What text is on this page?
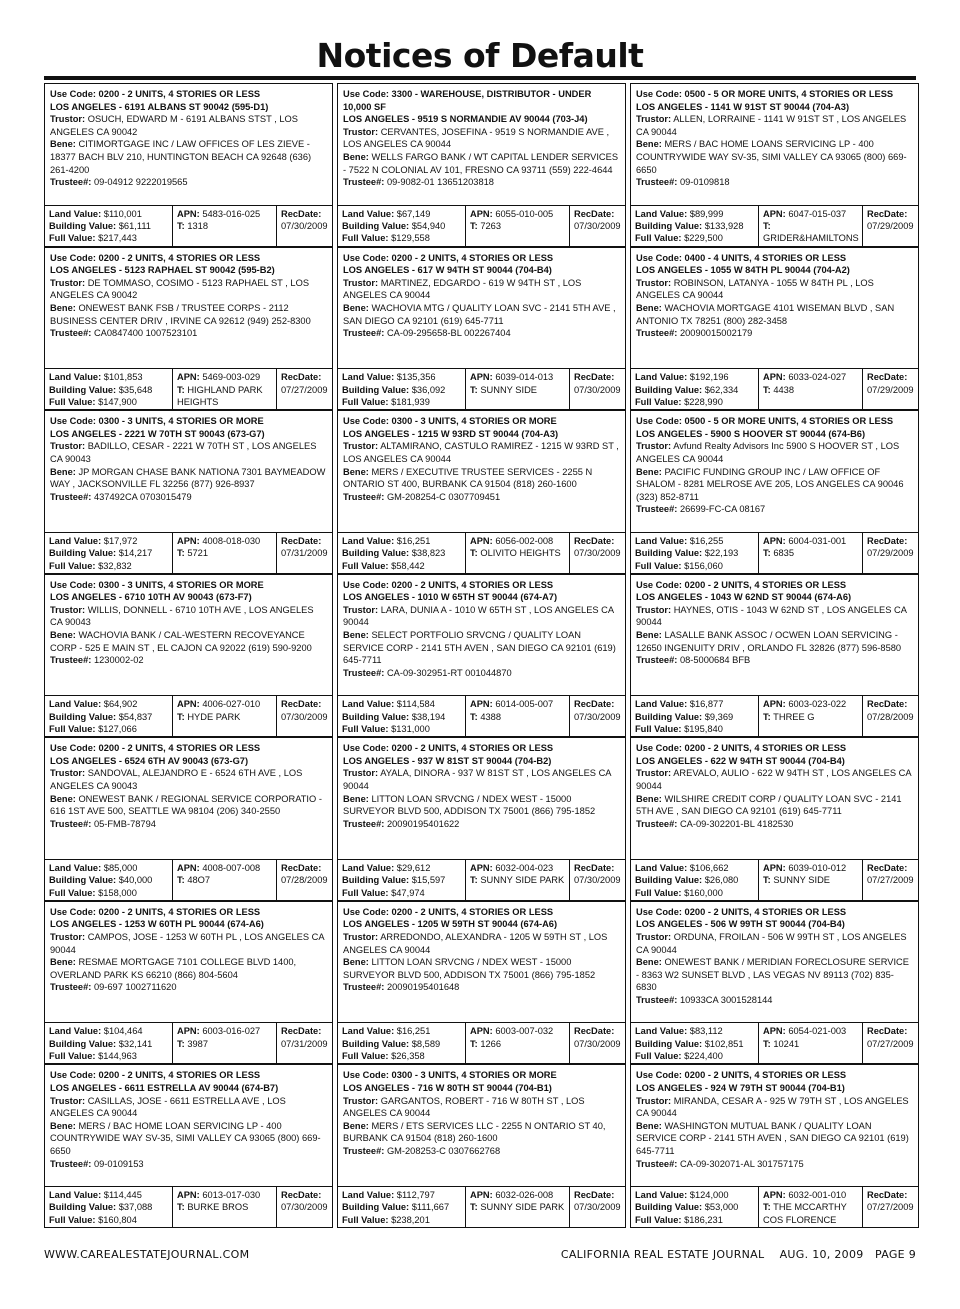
Notices of Default
Use Code: 0200 - 2 UNITS, 4 STORIES OR LESS
LOS ANGELES - 6191 ALBANS ST 90042 (595-D1)
Trustor: OSUCH, EDWARD M - 6191 ALBANS STST , LOS ANGELES CA 90042
Bene: CITIMORTGAGE INC / LAW OFFICES OF LES ZIEVE - 18377 BACH BLV 210, HUNTINGTON BEACH CA 92648 (636) 261-4200
Trustee#: 09-04912 9222019565
Land Value: $110,001
Building Value: $61,111
Full Value: $217,443
APN: 5483-016-025
T: 1318
RecDate:
07/30/2009
Use Code: 3300 - WAREHOUSE, DISTRIBUTOR - UNDER 10,000 SF
LOS ANGELES - 9519 S NORMANDIE AV 90044 (703-J4)
Trustor: CERVANTES, JOSEFINA - 9519 S NORMANDIE AVE , LOS ANGELES CA 90044
Bene: WELLS FARGO BANK / WT CAPITAL LENDER SERVICES - 7522 N COLONIAL AV 101, FRESNO CA 93711 (559) 222-4644
Trustee#: 09-9082-01 13651203818
Land Value: $67,149
Building Value: $54,940
Full Value: $129,558
APN: 6055-010-005
T: 7263
RecDate:
07/30/2009
Use Code: 0500 - 5 OR MORE UNITS, 4 STORIES OR LESS
LOS ANGELES - 1141 W 91ST ST 90044 (704-A3)
Trustor: ALLEN, LORRAINE - 1141 W 91ST ST , LOS ANGELES CA 90044
Bene: MERS / BAC HOME LOANS SERVICING LP - 400 COUNTRYWIDE WAY SV-35, SIMI VALLEY CA 93065 (800) 669-6650
Trustee#: 09-0109818
Land Value: $89,999
Building Value: $133,928
Full Value: $229,500
APN: 6047-015-037
T: GRIDER&HAMILTONS
RecDate:
07/29/2009
Use Code: 0200 - 2 UNITS, 4 STORIES OR LESS
LOS ANGELES - 5123 RAPHAEL ST 90042 (595-B2)
Trustor: DE TOMMASO, COSIMO - 5123 RAPHAEL ST , LOS ANGELES CA 90042
Bene: ONEWEST BANK FSB / TRUSTEE CORPS - 2112 BUSINESS CENTER DRIV , IRVINE CA 92612 (949) 252-8300
Trustee#: CA0847400 1007523101
Land Value: $101,853
Building Value: $35,648
Full Value: $147,900
APN: 5469-003-029
T: HIGHLAND PARK HEIGHTS
RecDate:
07/27/2009
Use Code: 0200 - 2 UNITS, 4 STORIES OR LESS
LOS ANGELES - 617 W 94TH ST 90044 (704-B4)
Trustor: MARTINEZ, EDGARDO - 619 W 94TH ST , LOS ANGELES CA 90044
Bene: WACHOVIA MTG / QUALITY LOAN SVC - 2141 5TH AVE , SAN DIEGO CA 92101 (619) 645-7711
Trustee#: CA-09-295658-BL 002267404
Land Value: $135,356
Building Value: $36,092
Full Value: $181,939
APN: 6039-014-013
T: SUNNY SIDE
RecDate:
07/30/2009
Use Code: 0400 - 4 UNITS, 4 STORIES OR LESS
LOS ANGELES - 1055 W 84TH PL 90044 (704-A2)
Trustor: ROBINSON, LATANYA - 1055 W 84TH PL , LOS ANGELES CA 90044
Bene: WACHOVIA MORTGAGE 4101 WISEMAN BLVD , SAN ANTONIO TX 78251 (800) 282-3458
Trustee#: 20090015002179
Land Value: $192,196
Building Value: $62,334
Full Value: $228,990
APN: 6033-024-027
T: 4438
RecDate:
07/29/2009
Use Code: 0300 - 3 UNITS, 4 STORIES OR MORE
LOS ANGELES - 2221 W 70TH ST 90043 (673-G7)
Trustor: BADILLO, CESAR - 2221 W 70TH ST , LOS ANGELES CA 90043
Bene: JP MORGAN CHASE BANK NATIONA 7301 BAYMEADOW WAY , JACKSONVILLE FL 32256 (877) 926-8937
Trustee#: 437492CA 0703015479
Land Value: $17,972
Building Value: $14,217
Full Value: $32,832
APN: 4008-018-030
T: 5721
RecDate:
07/31/2009
Use Code: 0300 - 3 UNITS, 4 STORIES OR MORE
LOS ANGELES - 1215 W 93RD ST 90044 (704-A3)
Trustor: ALTAMIRANO, CASTULO RAMIREZ - 1215 W 93RD ST , LOS ANGELES CA 90044
Bene: MERS / EXECUTIVE TRUSTEE SERVICES - 2255 N ONTARIO ST 400, BURBANK CA 91504 (818) 260-1600
Trustee#: GM-208254-C 0307709451
Land Value: $16,251
Building Value: $38,823
Full Value: $58,442
APN: 6056-002-008
T: OLIVITO HEIGHTS
RecDate:
07/30/2009
Use Code: 0500 - 5 OR MORE UNITS, 4 STORIES OR LESS
LOS ANGELES - 5900 S HOOVER ST 90044 (674-B6)
Trustor: Avfund Realty Advisors Inc 5900 S HOOVER ST , LOS ANGELES CA 90044
Bene: PACIFIC FUNDING GROUP INC / LAW OFFICE OF SHALOM - 8281 MELROSE AVE 205, LOS ANGELES CA 90046 (323) 852-8711
Trustee#: 26699-FC-CA 08167
Land Value: $16,255
Building Value: $22,193
Full Value: $156,060
APN: 6004-031-001
T: 6835
RecDate:
07/29/2009
Use Code: 0300 - 3 UNITS, 4 STORIES OR MORE
LOS ANGELES - 6710 10TH AV 90043 (673-F7)
Trustor: WILLIS, DONNELL - 6710 10TH AVE , LOS ANGELES CA 90043
Bene: WACHOVIA BANK / CAL-WESTERN RECOVEYANCE CORP - 525 E MAIN ST , EL CAJON CA 92022 (619) 590-9200
Trustee#: 1230002-02
Land Value: $64,902
Building Value: $54,837
Full Value: $127,066
APN: 4006-027-010
T: HYDE PARK
RecDate:
07/30/2009
Use Code: 0200 - 2 UNITS, 4 STORIES OR LESS
LOS ANGELES - 1010 W 65TH ST 90044 (674-A7)
Trustor: LARA, DUNIA A - 1010 W 65TH ST , LOS ANGELES CA 90044
Bene: SELECT PORTFOLIO SRVCNG / QUALITY LOAN SERVICE CORP - 2141 5TH AVEN , SAN DIEGO CA 92101 (619) 645-7711
Trustee#: CA-09-302951-RT 001044870
Land Value: $114,584
Building Value: $38,194
Full Value: $131,000
APN: 6014-005-007
T: 4388
RecDate:
07/30/2009
Use Code: 0200 - 2 UNITS, 4 STORIES OR LESS
LOS ANGELES - 1043 W 62ND ST 90044 (674-A6)
Trustor: HAYNES, OTIS - 1043 W 62ND ST , LOS ANGELES CA 90044
Bene: LASALLE BANK ASSOC / OCWEN LOAN SERVICING - 12650 INGENUITY DRIV , ORLANDO FL 32826 (877) 596-8580
Trustee#: 08-5000684 BFB
Land Value: $16,877
Building Value: $9,369
Full Value: $195,840
APN: 6003-023-022
T: THREE G
RecDate:
07/28/2009
Use Code: 0200 - 2 UNITS, 4 STORIES OR LESS
LOS ANGELES - 6524 6TH AV 90043 (673-G7)
Trustor: SANDOVAL, ALEJANDRO E - 6524 6TH AVE , LOS ANGELES CA 90043
Bene: ONEWEST BANK / REGIONAL SERVICE CORPORATIO - 616 1ST AVE 500, SEATTLE WA 98104 (206) 340-2550
Trustee#: 05-FMB-78794
Land Value: $85,000
Building Value: $40,000
Full Value: $158,000
APN: 4008-007-008
T: 48O7
RecDate:
07/28/2009
Use Code: 0200 - 2 UNITS, 4 STORIES OR LESS
LOS ANGELES - 937 W 81ST ST 90044 (704-B2)
Trustor: AYALA, DINORA - 937 W 81ST ST , LOS ANGELES CA 90044
Bene: LITTON LOAN SRVCNG / NDEX WEST - 15000 SURVEYOR BLVD 500, ADDISON TX 75001 (866) 795-1852
Trustee#: 20090195401622
Land Value: $29,612
Building Value: $15,597
Full Value: $47,974
APN: 6032-004-023
T: SUNNY SIDE PARK
RecDate:
07/30/2009
Use Code: 0200 - 2 UNITS, 4 STORIES OR LESS
LOS ANGELES - 622 W 94TH ST 90044 (704-B4)
Trustor: AREVALO, AULIO - 622 W 94TH ST , LOS ANGELES CA 90044
Bene: WILSHIRE CREDIT CORP / QUALITY LOAN SVC - 2141 5TH AVE , SAN DIEGO CA 92101 (619) 645-7711
Trustee#: CA-09-302201-BL 4182530
Land Value: $106,662
Building Value: $26,080
Full Value: $160,000
APN: 6039-010-012
T: SUNNY SIDE
RecDate:
07/27/2009
Use Code: 0200 - 2 UNITS, 4 STORIES OR LESS
LOS ANGELES - 1253 W 60TH PL 90044 (674-A6)
Trustor: CAMPOS, JOSE - 1253 W 60TH PL , LOS ANGELES CA 90044
Bene: RESMAE MORTGAGE 7101 COLLEGE BLVD 1400, OVERLAND PARK KS 66210 (866) 804-5604
Trustee#: 09-697 1002711620
Land Value: $104,464
Building Value: $32,141
Full Value: $144,963
APN: 6003-016-027
T: 3987
RecDate:
07/31/2009
Use Code: 0200 - 2 UNITS, 4 STORIES OR LESS
LOS ANGELES - 1205 W 59TH ST 90044 (674-A6)
Trustor: ARREDONDO, ALEXANDRA - 1205 W 59TH ST , LOS ANGELES CA 90044
Bene: LITTON LOAN SRVCNG / NDEX WEST - 15000 SURVEYOR BLVD 500, ADDISON TX 75001 (866) 795-1852
Trustee#: 20090195401648
Land Value: $16,251
Building Value: $8,589
Full Value: $26,358
APN: 6003-007-032
T: 1266
RecDate:
07/30/2009
Use Code: 0200 - 2 UNITS, 4 STORIES OR LESS
LOS ANGELES - 506 W 99TH ST 90044 (704-B4)
Trustor: ORDUNA, FROILAN - 506 W 99TH ST , LOS ANGELES CA 90044
Bene: ONEWEST BANK / MERIDIAN FORECLOSURE SERVICE - 8363 W2 SUNSET BLVD , LAS VEGAS NV 89113 (702) 835-6830
Trustee#: 10933CA 3001528144
Land Value: $83,112
Building Value: $102,851
Full Value: $224,400
APN: 6054-021-003
T: 10241
RecDate:
07/27/2009
Use Code: 0200 - 2 UNITS, 4 STORIES OR LESS
LOS ANGELES - 6611 ESTRELLA AV 90044 (674-B7)
Trustor: CASILLAS, JOSE - 6611 ESTRELLA AVE , LOS ANGELES CA 90044
Bene: MERS / BAC HOME LOAN SERVICING LP - 400 COUNTRYWIDE WAY SV-35, SIMI VALLEY CA 93065 (800) 669-6650
Trustee#: 09-0109153
Land Value: $114,445
Building Value: $37,088
Full Value: $160,804
APN: 6013-017-030
T: BURKE BROS
RecDate:
07/30/2009
Use Code: 0300 - 3 UNITS, 4 STORIES OR MORE
LOS ANGELES - 716 W 80TH ST 90044 (704-B1)
Trustor: GARGANTOS, ROBERT - 716 W 80TH ST , LOS ANGELES CA 90044
Bene: MERS / ETS SERVICES LLC - 2255 N ONTARIO ST 40, BURBANK CA 91504 (818) 260-1600
Trustee#: GM-208253-C 0307662768
Land Value: $112,797
Building Value: $111,667
Full Value: $238,201
APN: 6032-026-008
T: SUNNY SIDE PARK
RecDate:
07/30/2009
Use Code: 0200 - 2 UNITS, 4 STORIES OR LESS
LOS ANGELES - 924 W 79TH ST 90044 (704-B1)
Trustor: MIRANDA, CESAR A - 925 W 79TH ST , LOS ANGELES CA 90044
Bene: WASHINGTON MUTUAL BANK / QUALITY LOAN SERVICE CORP - 2141 5TH AVEN , SAN DIEGO CA 92101 (619) 645-7711
Trustee#: CA-09-302071-AL 301757175
Land Value: $124,000
Building Value: $53,000
Full Value: $186,231
APN: 6032-001-010
T: THE MCCARTHY COS FLORENCE
RecDate:
07/27/2009
WWW.CAREALESTATEJOURNAL.COM	CALIFORNIA REAL ESTATE JOURNAL    AUG. 10, 2009   PAGE 9
